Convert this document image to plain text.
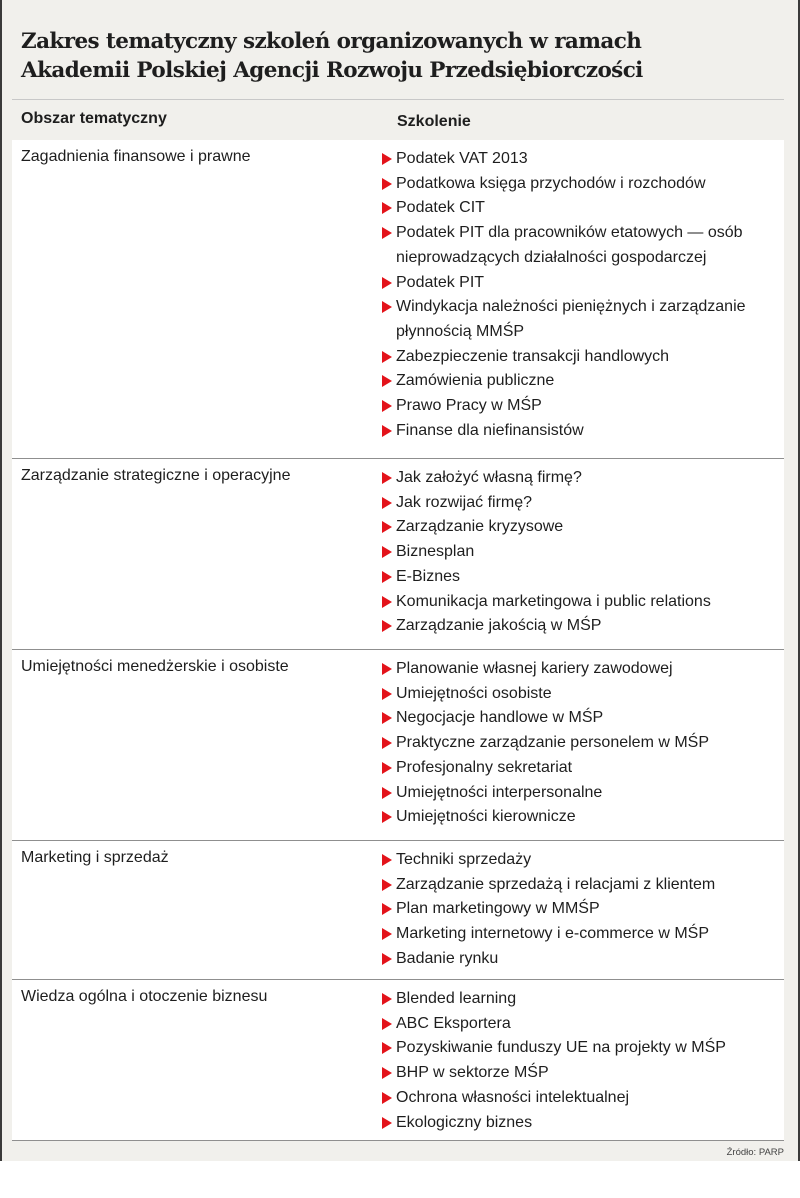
Zakres tematyczny szkoleń organizowanych w ramach
Akademii Polskiej Agencji Rozwoju Przedsiębiorczości
Obszar tematyczny	Szkolenie
Zagadnienia finansowe i prawne	Podatek VAT 2013
Podatkowa księga przychodów i rozchodów
Podatek CIT
Podatek PIT dla pracowników etatowych — osób
nieprowadzących działalności gospodarczej
Podatek PIT
Windykacja należności pieniężnych i zarządzanie
płynnością MMŚP
Zabezpieczenie transakcji handlowych
Zamówienia publiczne
Prawo Pracy w MŚP
Finanse dla niefinansistów
Zarządzanie strategiczne i operacyjne	Jak założyć własną firmę?
Jak rozwijać firmę?
Zarządzanie kryzysowe
Biznesplan
E-Biznes
Komunikacja marketingowa i public relations
Zarządzanie jakością w MŚP
Umiejętności menedżerskie i osobiste	Planowanie własnej kariery zawodowej
Umiejętności osobiste
Negocjacje handlowe w MŚP
Praktyczne zarządzanie personelem w MŚP
Profesjonalny sekretariat
Umiejętności interpersonalne
Umiejętności kierownicze
Marketing i sprzedaż	Techniki sprzedaży
Zarządzanie sprzedażą i relacjami z klientem
Plan marketingowy w MMŚP
Marketing internetowy i e-commerce w MŚP
Badanie rynku
Wiedza ogólna i otoczenie biznesu	Blended learning
ABC Eksportera
Pozyskiwanie funduszy UE na projekty w MŚP
BHP w sektorze MŚP
Ochrona własności intelektualnej
Ekologiczny biznes
Źródło: PARP
